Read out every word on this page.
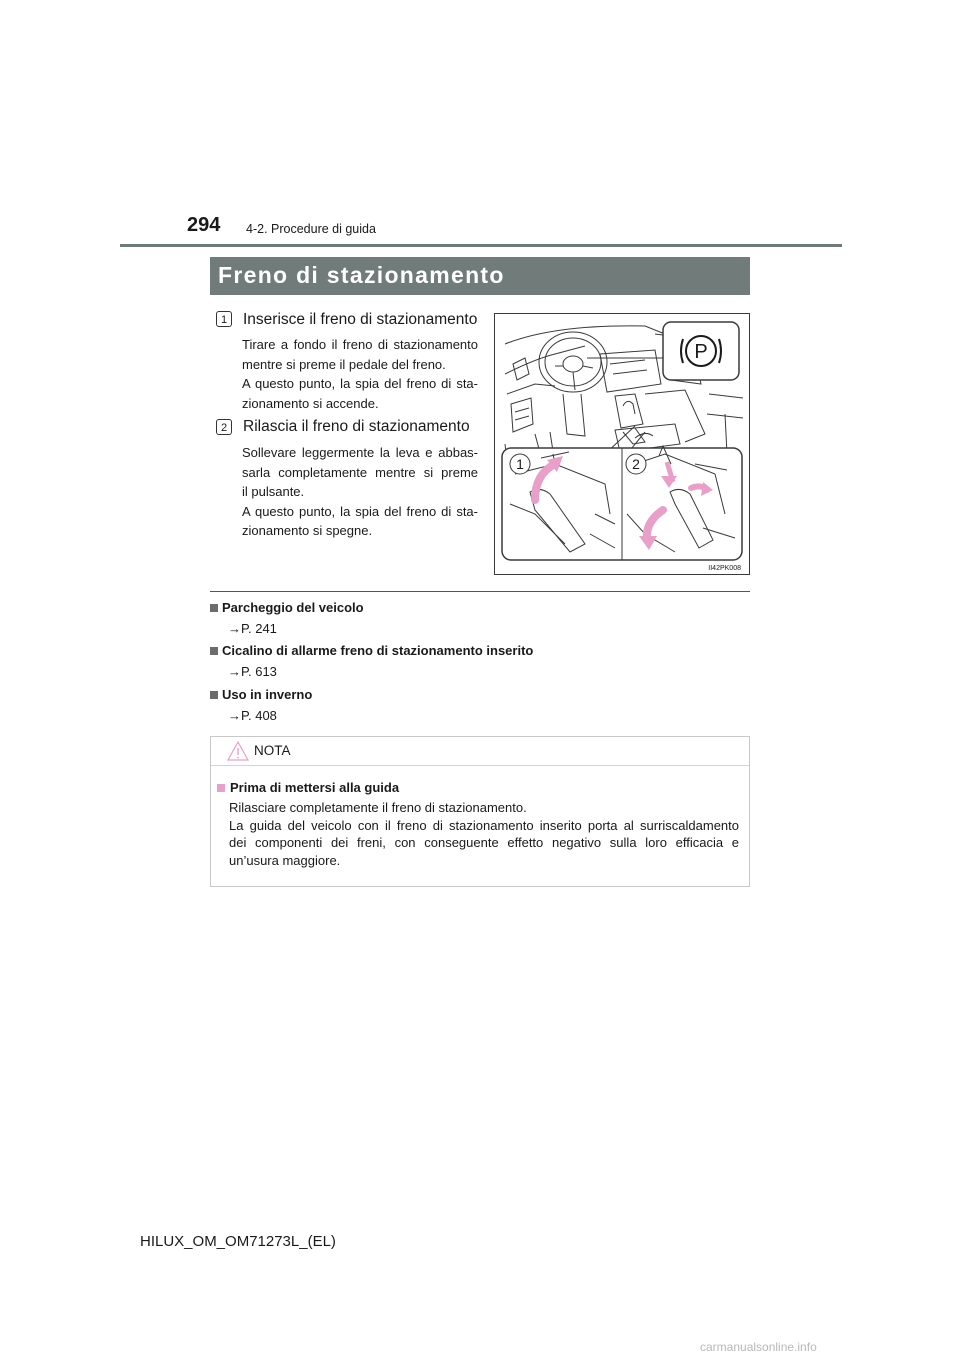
294 4-2. Procedure di guida
Freno di stazionamento
1	Inserisce il freno di stazionamento

Tirare a fondo il freno di stazionamento

mentre si preme il pedale del freno.

A questo punto, la spia del freno di sta-

zionamento si accende.

2	Rilascia il freno di stazionamento

Sollevare leggermente la leva e abbas-

sarla completamente mentre si preme

il pulsante.

A questo punto, la spia del freno di sta-

zionamento si spegne.

P
1	2
II42PK008
Parcheggio del veicolo
→P. 241
Cicalino di allarme freno di stazionamento inserito
→P. 613
Uso in inverno
→P. 408
NOTA
Prima di mettersi alla guida

Rilasciare completamente il freno di stazionamento.

La guida del veicolo con il freno di stazionamento inserito porta al surriscaldamento

dei componenti dei freni, con conseguente effetto negativo sulla loro efficacia e

un’usura maggiore.

HILUX_OM_OM71273L_(EL)
carmanualsonline.info
